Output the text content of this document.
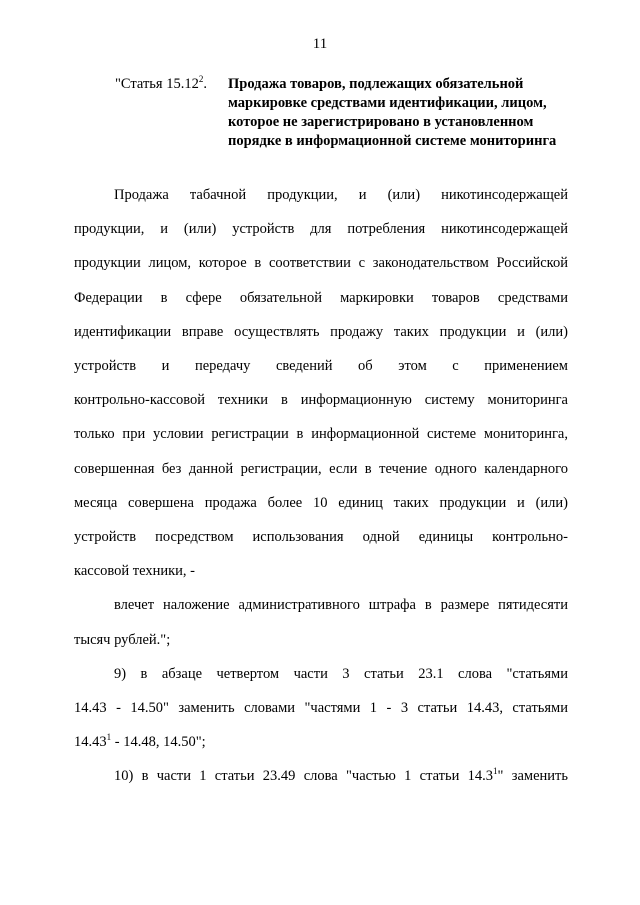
11
"Статья 15.12$^2$. Продажа товаров, подлежащих обязательной маркировке средствами идентификации, лицом, которое не зарегистрировано в установленном порядке в информационной системе мониторинга
Продажа табачной продукции, и (или) никотинсодержащей
продукции, и (или) устройств для потребления никотинсодержащей
продукции лицом, которое в соответствии с законодательством Российской
Федерации в сфере обязательной маркировки товаров средствами
идентификации вправе осуществлять продажу таких продукции и (или)
устройств и передачу сведений об этом с применением
контрольно-кассовой техники в информационную систему мониторинга
только при условии регистрации в информационной системе мониторинга,
совершенная без данной регистрации, если в течение одного календарного
месяца совершена продажа более 10 единиц таких продукции и (или)
устройств посредством использования одной единицы контрольно-
кассовой техники, -
влечет наложение административного штрафа в размере пятидесяти
тысяч рублей.";
9) в абзаце четвертом части 3 статьи 23.1 слова "статьями
14.43 - 14.50" заменить словами "частями 1 - 3 статьи 14.43, статьями
14.43$^1$ - 14.48, 14.50";
10) в части 1 статьи 23.49 слова "частью 1 статьи 14.3$^1$" заменить
